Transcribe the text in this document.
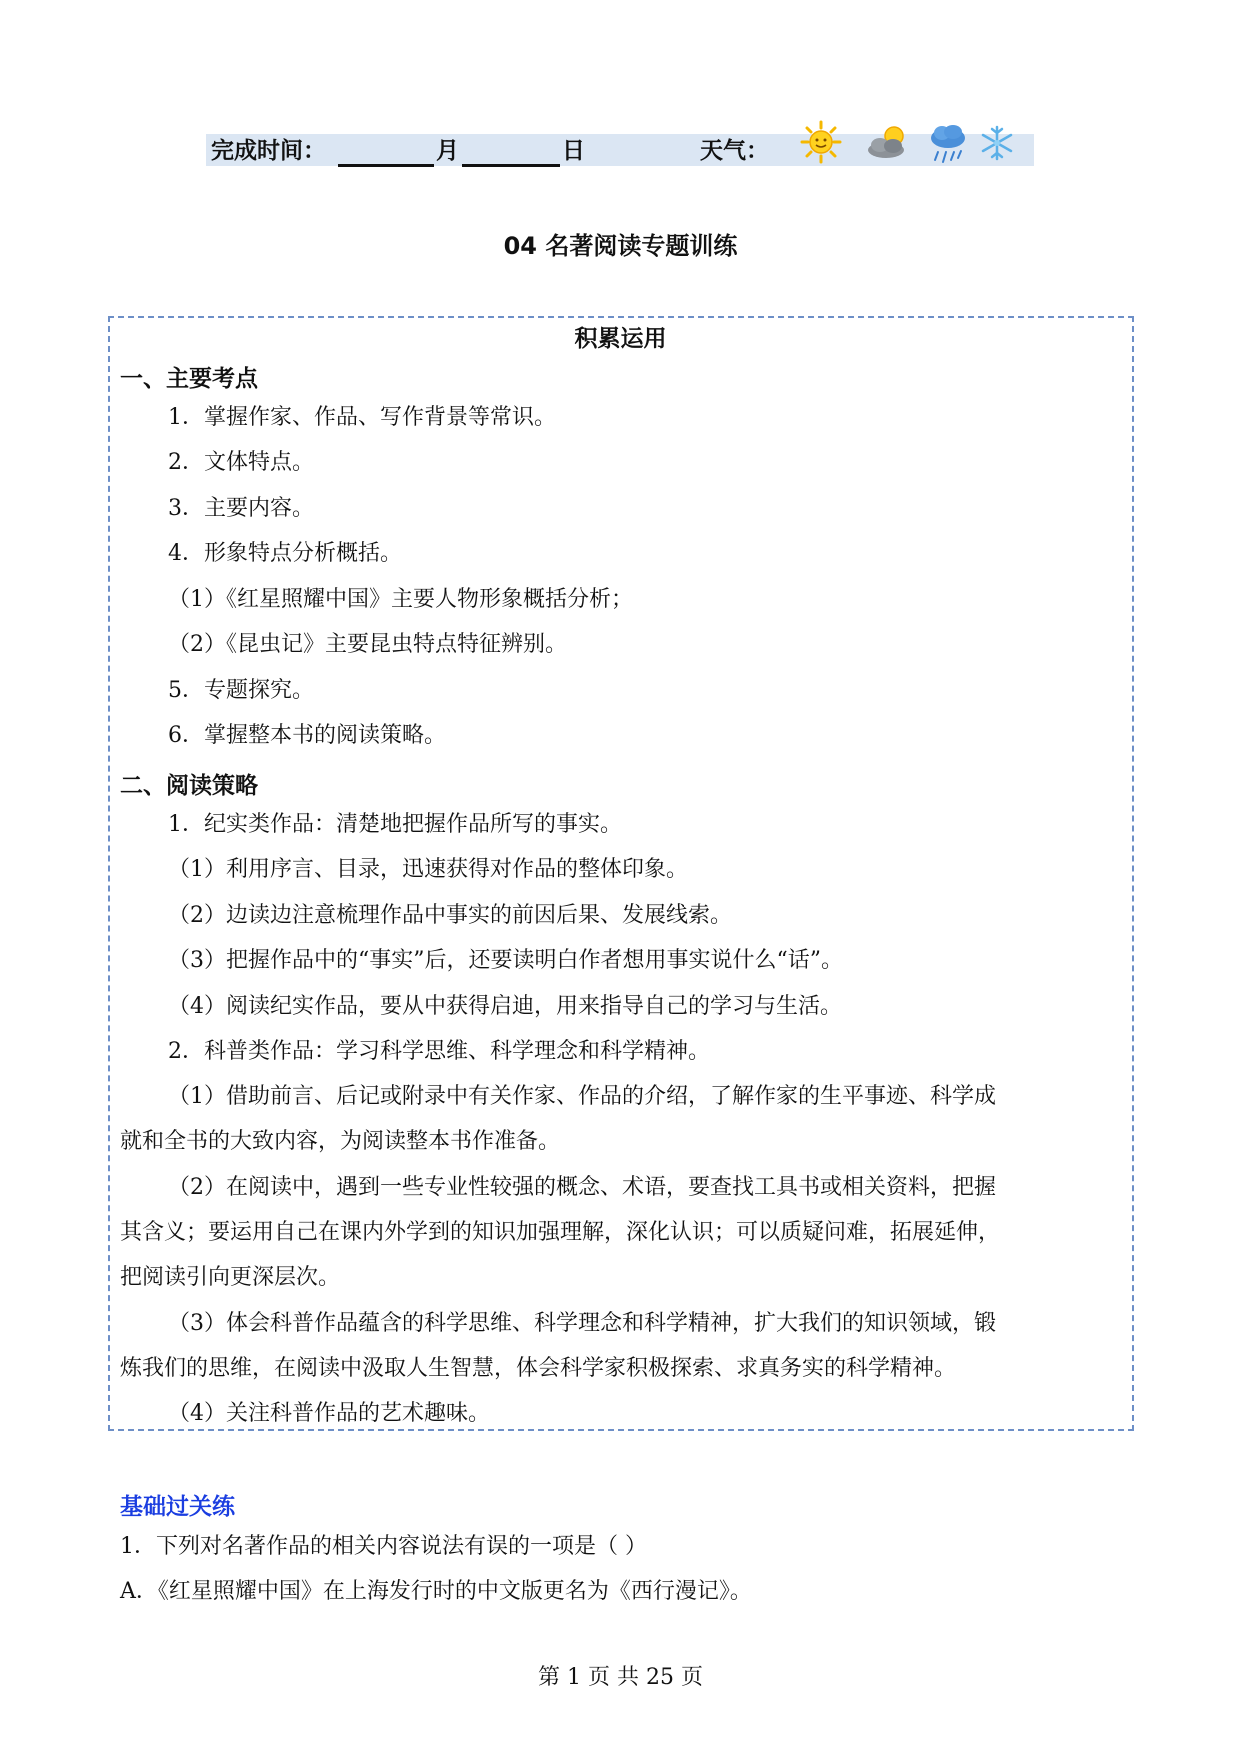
完成时间：	月	日	天气：
04 名著阅读专题训练
积累运用
一、主要考点
1．掌握作家、作品、写作背景等常识。
2．文体特点。
3．主要内容。
4．形象特点分析概括。
（1）《红星照耀中国》主要人物形象概括分析；
（2）《昆虫记》主要昆虫特点特征辨别。
5．专题探究。
6．掌握整本书的阅读策略。
二、阅读策略
1．纪实类作品：清楚地把握作品所写的事实。
（1）利用序言、目录，迅速获得对作品的整体印象。
（2）边读边注意梳理作品中事实的前因后果、发展线索。
（3）把握作品中的“事实”后，还要读明白作者想用事实说什么“话”。
（4）阅读纪实作品，要从中获得启迪，用来指导自己的学习与生活。
2．科普类作品：学习科学思维、科学理念和科学精神。
（1）借助前言、后记或附录中有关作家、作品的介绍，了解作家的生平事迹、科学成
就和全书的大致内容，为阅读整本书作准备。
（2）在阅读中，遇到一些专业性较强的概念、术语，要查找工具书或相关资料，把握
其含义；要运用自己在课内外学到的知识加强理解，深化认识；可以质疑问难，拓展延伸，
把阅读引向更深层次。
（3）体会科普作品蕴含的科学思维、科学理念和科学精神，扩大我们的知识领域，锻
炼我们的思维，在阅读中汲取人生智慧，体会科学家积极探索、求真务实的科学精神。
（4）关注科普作品的艺术趣味。
基础过关练
1．下列对名著作品的相关内容说法有误的一项是（ ）
A．《红星照耀中国》在上海发行时的中文版更名为《西行漫记》。
第 1 页 共 25 页
